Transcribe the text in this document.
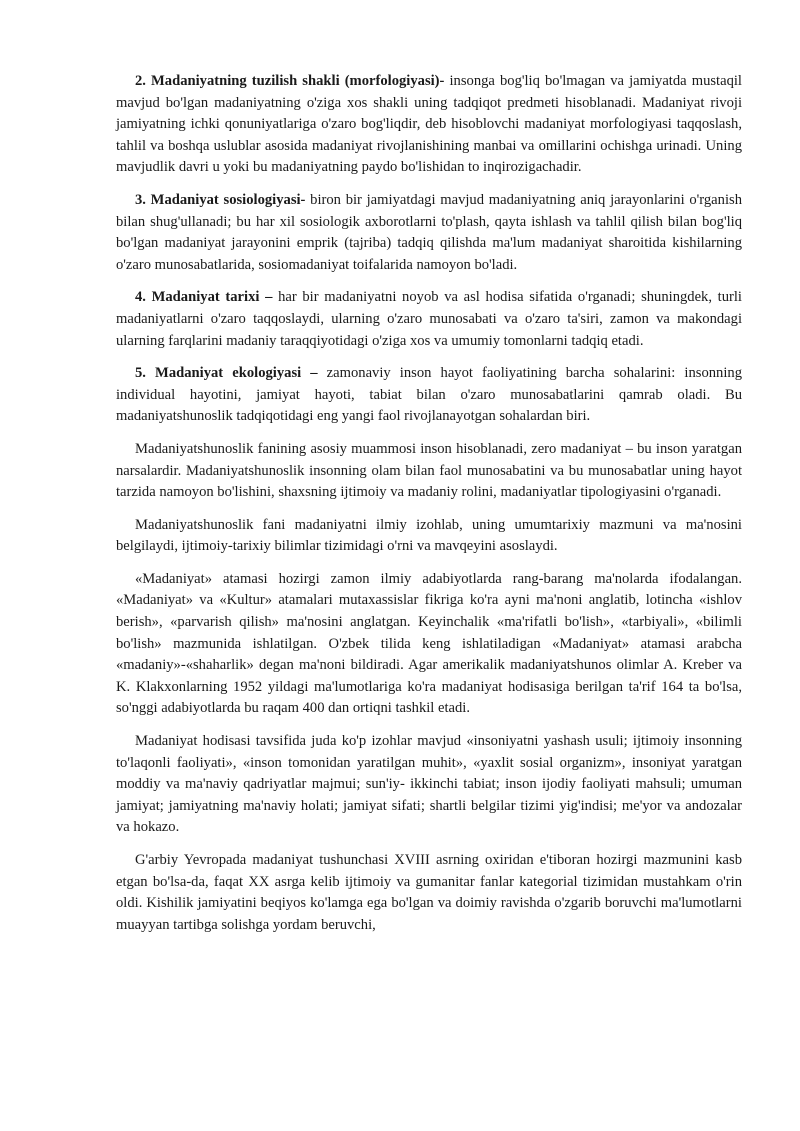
2. Madaniyatning tuzilish shakli (morfologiyasi)- insonga bog'liq bo'lmagan va jamiyatda mustaqil mavjud bo'lgan madaniyatning o'ziga xos shakli uning tadqiqot predmeti hisoblanadi. Madaniyat rivoji jamiyatning ichki qonuniyatlariga o'zaro bog'liqdir, deb hisoblovchi madaniyat morfologiyasi taqqoslash, tahlil va boshqa uslublar asosida madaniyat rivojlanishining manbai va omillarini ochishga urinadi. Uning mavjudlik davri u yoki bu madaniyatning paydo bo'lishidan to inqirozigachadir.

3. Madaniyat sosiologiyasi- biron bir jamiyatdagi mavjud madaniyatning aniq jarayonlarini o'rganish bilan shug'ullanadi; bu har xil sosiologik axborotlarni to'plash, qayta ishlash va tahlil qilish bilan bog'liq bo'lgan madaniyat jarayonini emprik (tajriba) tadqiq qilishda ma'lum madaniyat sharoitida kishilarning o'zaro munosabatlarida, sosiomadaniyat toifalarida namoyon bo'ladi.

4. Madaniyat tarixi – har bir madaniyatni noyob va asl hodisa sifatida o'rganadi; shuningdek, turli madaniyatlarni o'zaro taqqoslaydi, ularning o'zaro munosabati va o'zaro ta'siri, zamon va makondagi ularning farqlarini madaniy taraqqiyotidagi o'ziga xos va umumiy tomonlarni tadqiq etadi.

5. Madaniyat ekologiyasi – zamonaviy inson hayot faoliyatining barcha sohalarini: insonning individual hayotini, jamiyat hayoti, tabiat bilan o'zaro munosabatlarini qamrab oladi. Bu madaniyatshunoslik tadqiqotidagi eng yangi faol rivojlanayotgan sohalardan biri.

Madaniyatshunoslik fanining asosiy muammosi inson hisoblanadi, zero madaniyat – bu inson yaratgan narsalardir. Madaniyatshunoslik insonning olam bilan faol munosabatini va bu munosabatlar uning hayot tarzida namoyon bo'lishini, shaxsning ijtimoiy va madaniy rolini, madaniyatlar tipologiyasini o'rganadi.

Madaniyatshunoslik fani madaniyatni ilmiy izohlab, uning umumtarixiy mazmuni va ma'nosini belgilaydi, ijtimoiy-tarixiy bilimlar tizimidagi o'rni va mavqeyini asoslaydi.

«Madaniyat» atamasi hozirgi zamon ilmiy adabiyotlarda rang-barang ma'nolarda ifodalangan. «Madaniyat» va «Kultur» atamalari mutaxassislar fikriga ko'ra ayni ma'noni anglatib, lotincha «ishlov berish», «parvarish qilish» ma'nosini anglatgan. Keyinchalik «ma'rifatli bo'lish», «tarbiyali», «bilimli bo'lish» mazmunida ishlatilgan. O'zbek tilida keng ishlatiladigan «Madaniyat» atamasi arabcha «madaniy»-«shaharlik» degan ma'noni bildiradi. Agar amerikalik madaniyatshunos olimlar A. Kreber va K. Klakxonlarning 1952 yildagi ma'lumotlariga ko'ra madaniyat hodisasiga berilgan ta'rif 164 ta bo'lsa, so'nggi adabiyotlarda bu raqam 400 dan ortiqni tashkil etadi.

Madaniyat hodisasi tavsifida juda ko'p izohlar mavjud «insoniyatni yashash usuli; ijtimoiy insonning to'laqonli faoliyati», «inson tomonidan yaratilgan muhit», «yaxlit sosial organizm», insoniyat yaratgan moddiy va ma'naviy qadriyatlar majmui; sun'iy- ikkinchi tabiat; inson ijodiy faoliyati mahsuli; umuman jamiyat; jamiyatning ma'naviy holati; jamiyat sifati; shartli belgilar tizimi yig'indisi; me'yor va andozalar va hokazo.

G'arbiy Yevropada madaniyat tushunchasi XVIII asrning oxiridan e'tiboran hozirgi mazmunini kasb etgan bo'lsa-da, faqat XX asrga kelib ijtimoiy va gumanitar fanlar kategorial tizimidan mustahkam o'rin oldi. Kishilik jamiyatini beqiyos ko'lamga ega bo'lgan va doimiy ravishda o'zgarib boruvchi ma'lumotlarni muayyan tartibga solishga yordam beruvchi,
